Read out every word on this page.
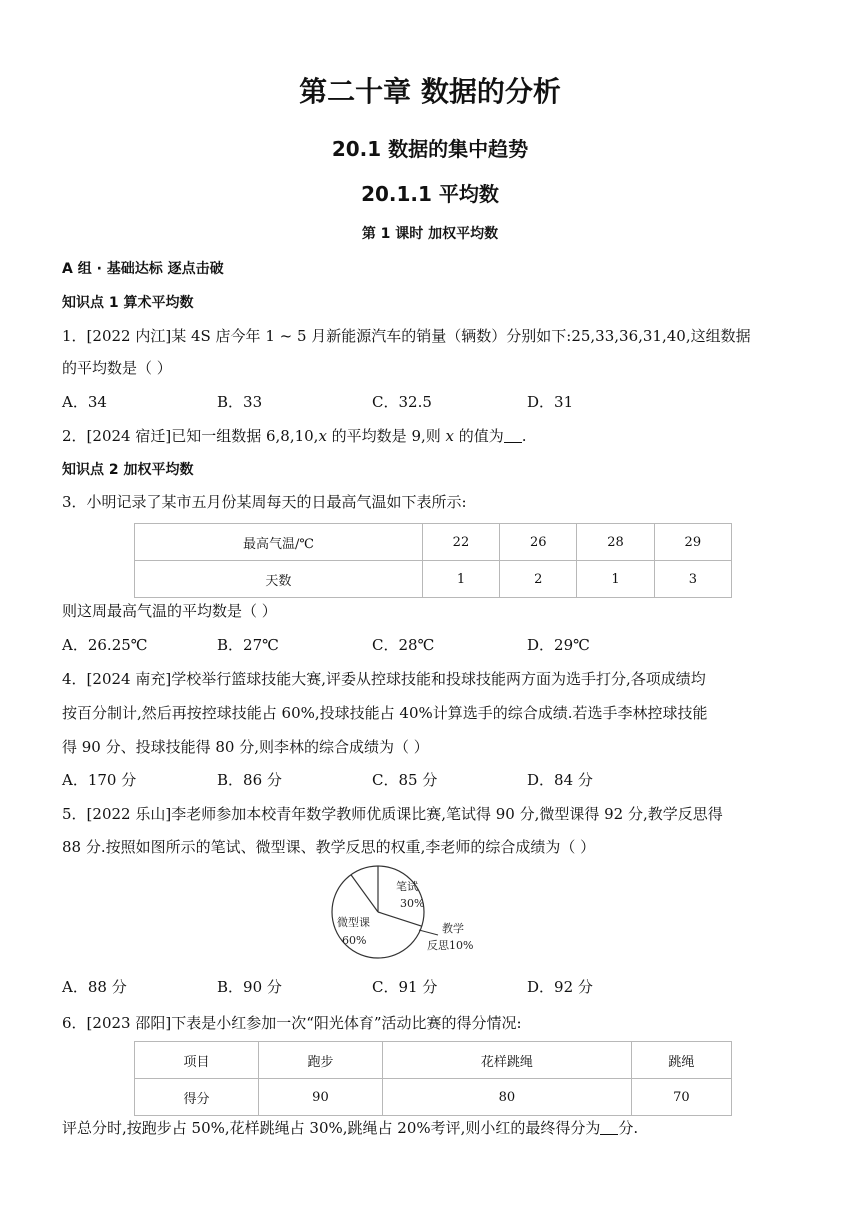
第二十章 数据的分析
20.1 数据的集中趋势
20.1.1 平均数
第 1 课时 加权平均数
A 组 · 基础达标 逐点击破
知识点 1 算术平均数
1．[2022 内江]某 4S 店今年 1 ~ 5 月新能源汽车的销量（辆数）分别如下:25,33,36,31,40,这组数据
的平均数是（ ）
A．34	B．33	C．32.5	D．31
2．[2024 宿迁]已知一组数据 6,8,10,x 的平均数是 9,则 x 的值为 .
知识点 2 加权平均数
3．小明记录了某市五月份某周每天的日最高气温如下表所示:
最高气温/℃	22	26	28	29
天数	1	2	1	3
则这周最高气温的平均数是（ ）
A．26.25℃	B．27℃	C．28℃	D．29℃
4．[2024 南充]学校举行篮球技能大赛,评委从控球技能和投球技能两方面为选手打分,各项成绩均
按百分制计,然后再按控球技能占 60%,投球技能占 40%计算选手的综合成绩.若选手李林控球技能
得 90 分、投球技能得 80 分,则李林的综合成绩为（ ）
A．170 分	B．86 分	C．85 分	D．84 分
5．[2022 乐山]李老师参加本校青年数学教师优质课比赛,笔试得 90 分,微型课得 92 分,教学反思得
88 分.按照如图所示的笔试、微型课、教学反思的权重,李老师的综合成绩为（ ）
笔试
30%
微型课
60%
教学
反思10%
A．88 分	B．90 分	C．91 分	D．92 分
6．[2023 邵阳]下表是小红参加一次“阳光体育”活动比赛的得分情况:
项目	跑步	花样跳绳	跳绳
得分	90	80	70
评总分时,按跑步占 50%,花样跳绳占 30%,跳绳占 20%考评,则小红的最终得分为 分.
